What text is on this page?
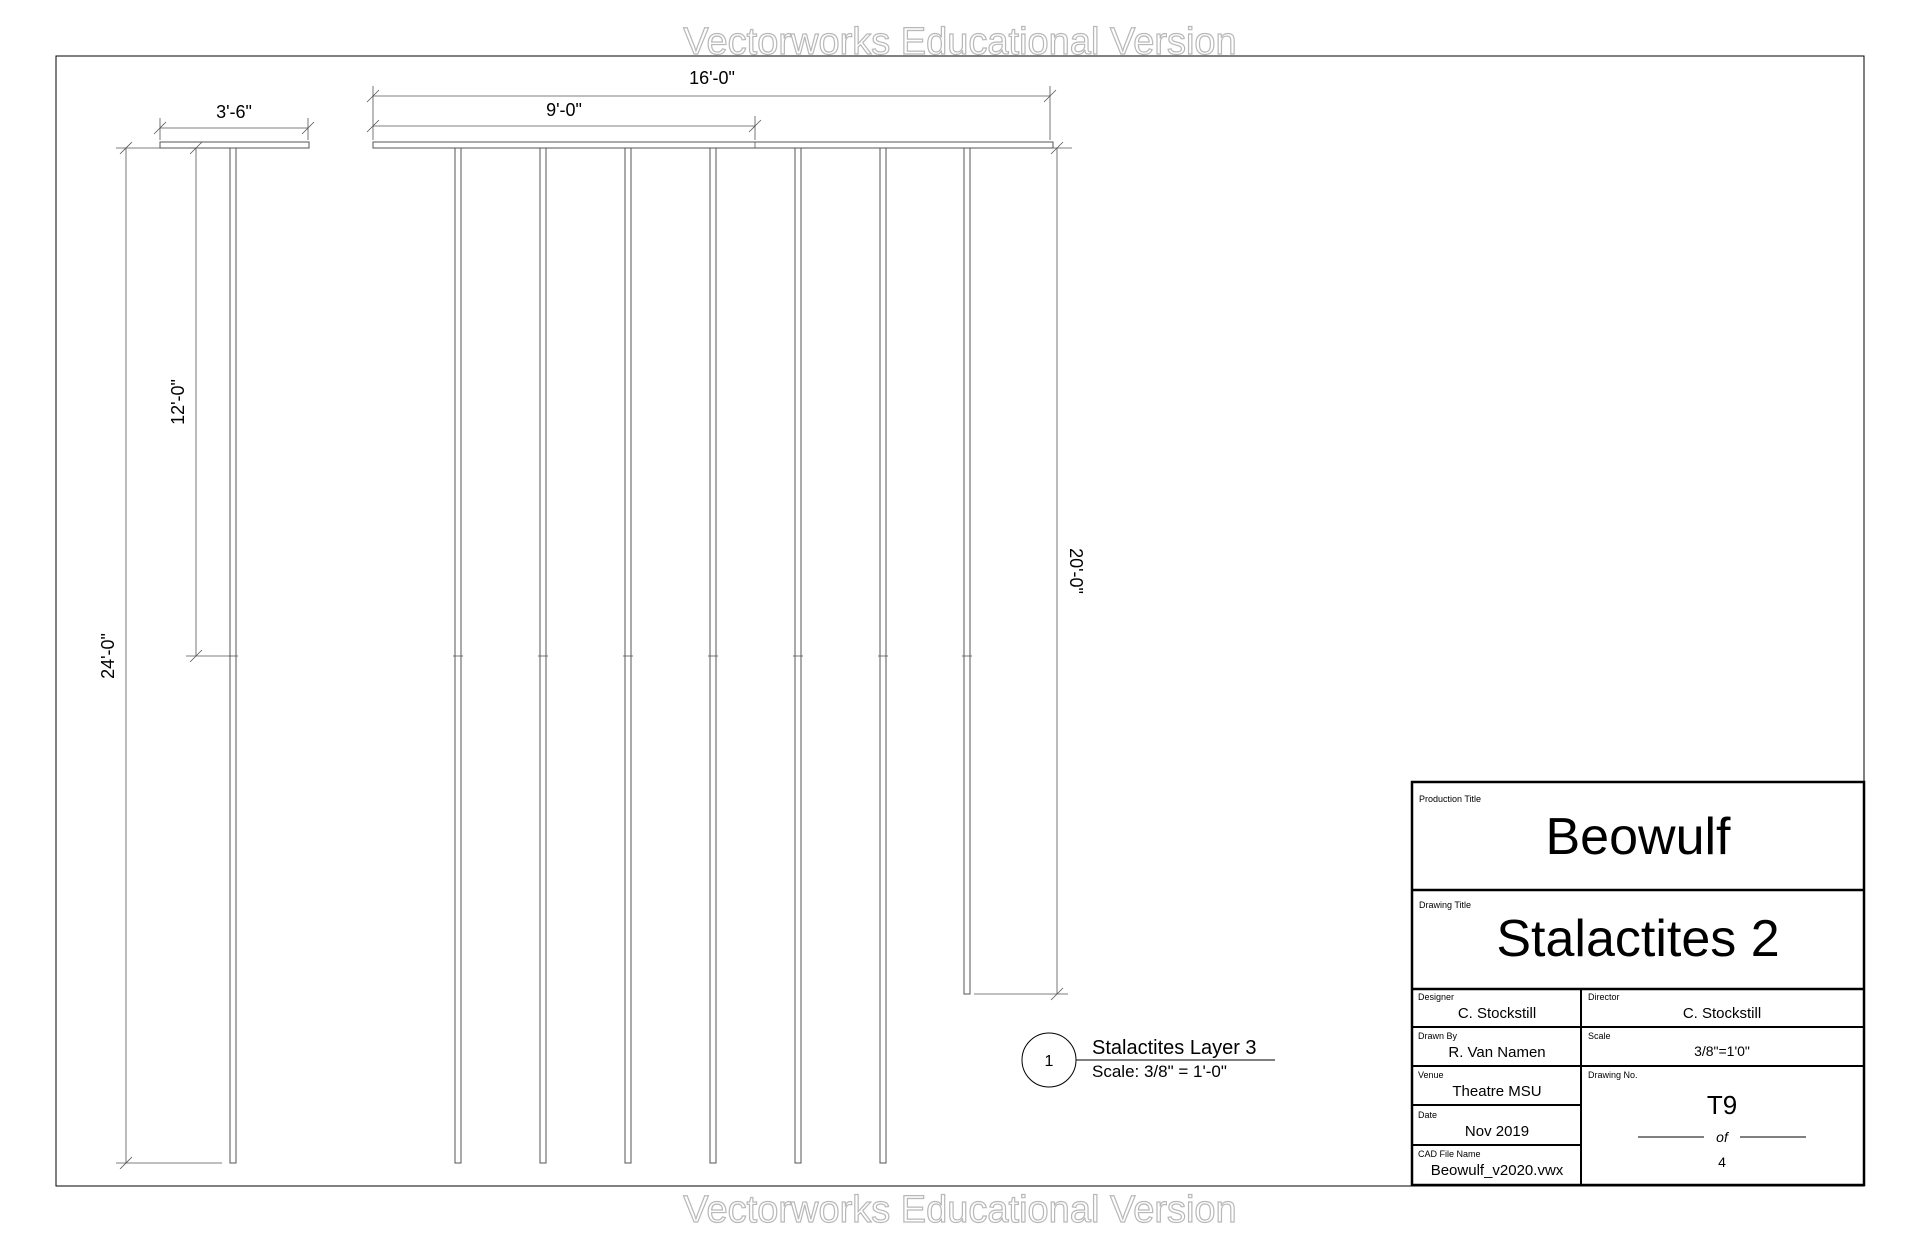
Vectorworks Educational Version
Vectorworks Educational Version
3'-6"
12'-0"
24'-0"
16'-0"
9'-0"
20'-0"
1
Stalactites Layer 3
Scale: 3/8" = 1'-0"
Production Title
Beowulf
Drawing Title
Stalactites 2
Designer
C. Stockstill
Director
C. Stockstill
Drawn By
R. Van Namen
Scale
3/8"=1'0"
Venue
Theatre MSU
Drawing No.
T9
of
4
Date
Nov 2019
CAD File Name
Beowulf_v2020.vwx
